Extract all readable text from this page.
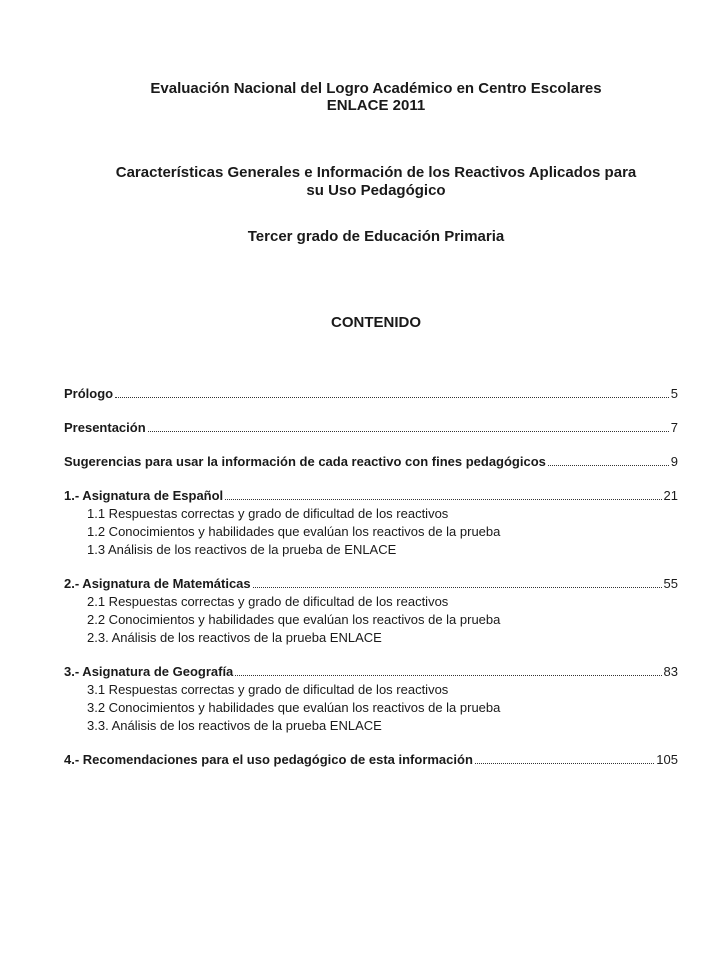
Evaluación Nacional del Logro Académico en Centro Escolares
ENLACE 2011
Características Generales e Información de los Reactivos Aplicados para
su Uso Pedagógico
Tercer grado de Educación Primaria
CONTENIDO
Prólogo	5
Presentación	7
Sugerencias para usar la información de cada reactivo con fines pedagógicos	9
1.- Asignatura de Español	21
1.1 Respuestas correctas y grado de dificultad de los reactivos
1.2 Conocimientos y habilidades que evalúan los reactivos de la prueba
1.3 Análisis de los reactivos de la prueba de ENLACE
2.- Asignatura de Matemáticas	55
2.1 Respuestas correctas y grado de dificultad de los reactivos
2.2 Conocimientos y habilidades que evalúan los reactivos de la prueba
2.3. Análisis de los reactivos de la prueba ENLACE
3.- Asignatura de Geografía	83
3.1 Respuestas correctas y grado de dificultad de los reactivos
3.2 Conocimientos y habilidades que evalúan los reactivos de la prueba
3.3. Análisis de los reactivos de la prueba ENLACE
4.- Recomendaciones para el uso pedagógico de esta información	105
